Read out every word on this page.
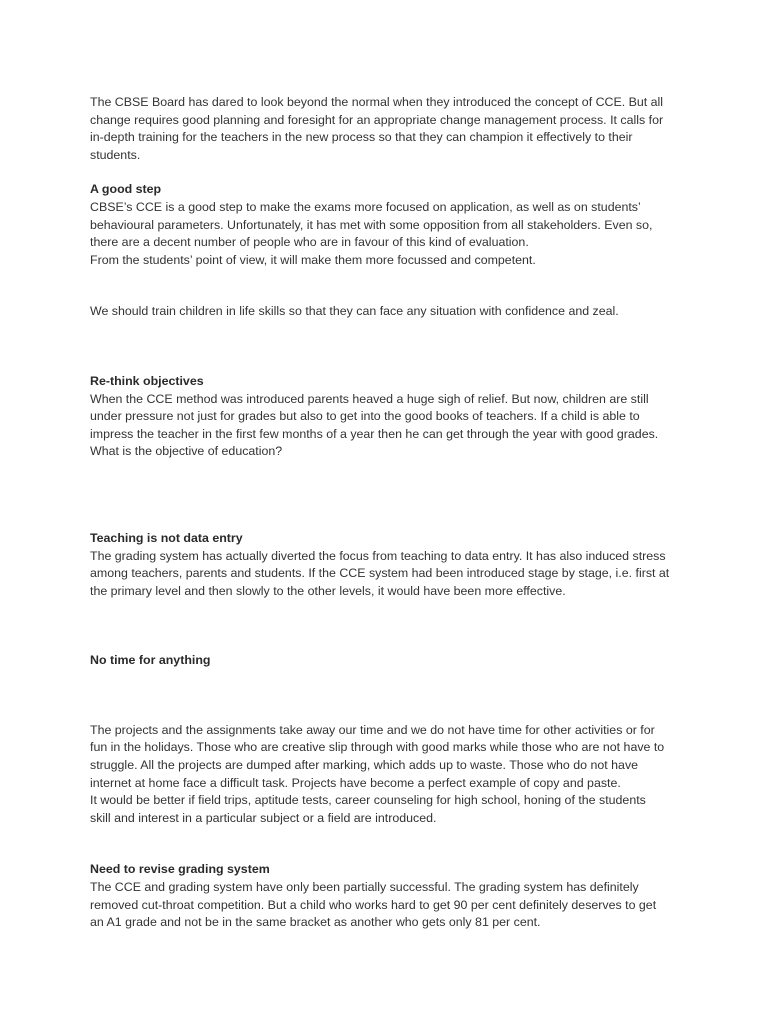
The CBSE Board has dared to look beyond the normal when they introduced the concept of CCE. But all
change requires good planning and foresight for an appropriate change management process. It calls for
in-depth training for the teachers in the new process so that they can champion it effectively to their
students.

A good step
CBSE’s CCE is a good step to make the exams more focused on application, as well as on students’
behavioural parameters. Unfortunately, it has met with some opposition from all stakeholders. Even so,
there are a decent number of people who are in favour of this kind of evaluation.
From the students’ point of view, it will make them more focussed and competent.

We should train children in life skills so that they can face any situation with confidence and zeal.

Re-think objectives
When the CCE method was introduced parents heaved a huge sigh of relief. But now, children are still
under pressure not just for grades but also to get into the good books of teachers. If a child is able to
impress the teacher in the first few months of a year then he can get through the year with good grades.
What is the objective of education?

Teaching is not data entry
The grading system has actually diverted the focus from teaching to data entry. It has also induced stress
among teachers, parents and students. If the CCE system had been introduced stage by stage, i.e. first at
the primary level and then slowly to the other levels, it would have been more effective.

No time for anything

The projects and the assignments take away our time and we do not have time for other activities or for
fun in the holidays. Those who are creative slip through with good marks while those who are not have to
struggle. All the projects are dumped after marking, which adds up to waste. Those who do not have
internet at home face a difficult task. Projects have become a perfect example of copy and paste.
It would be better if field trips, aptitude tests, career counseling for high school, honing of the students
skill and interest in a particular subject or a field are introduced.

Need to revise grading system
The CCE and grading system have only been partially successful. The grading system has definitely
removed cut-throat competition. But a child who works hard to get 90 per cent definitely deserves to get
an A1 grade and not be in the same bracket as another who gets only 81 per cent.
